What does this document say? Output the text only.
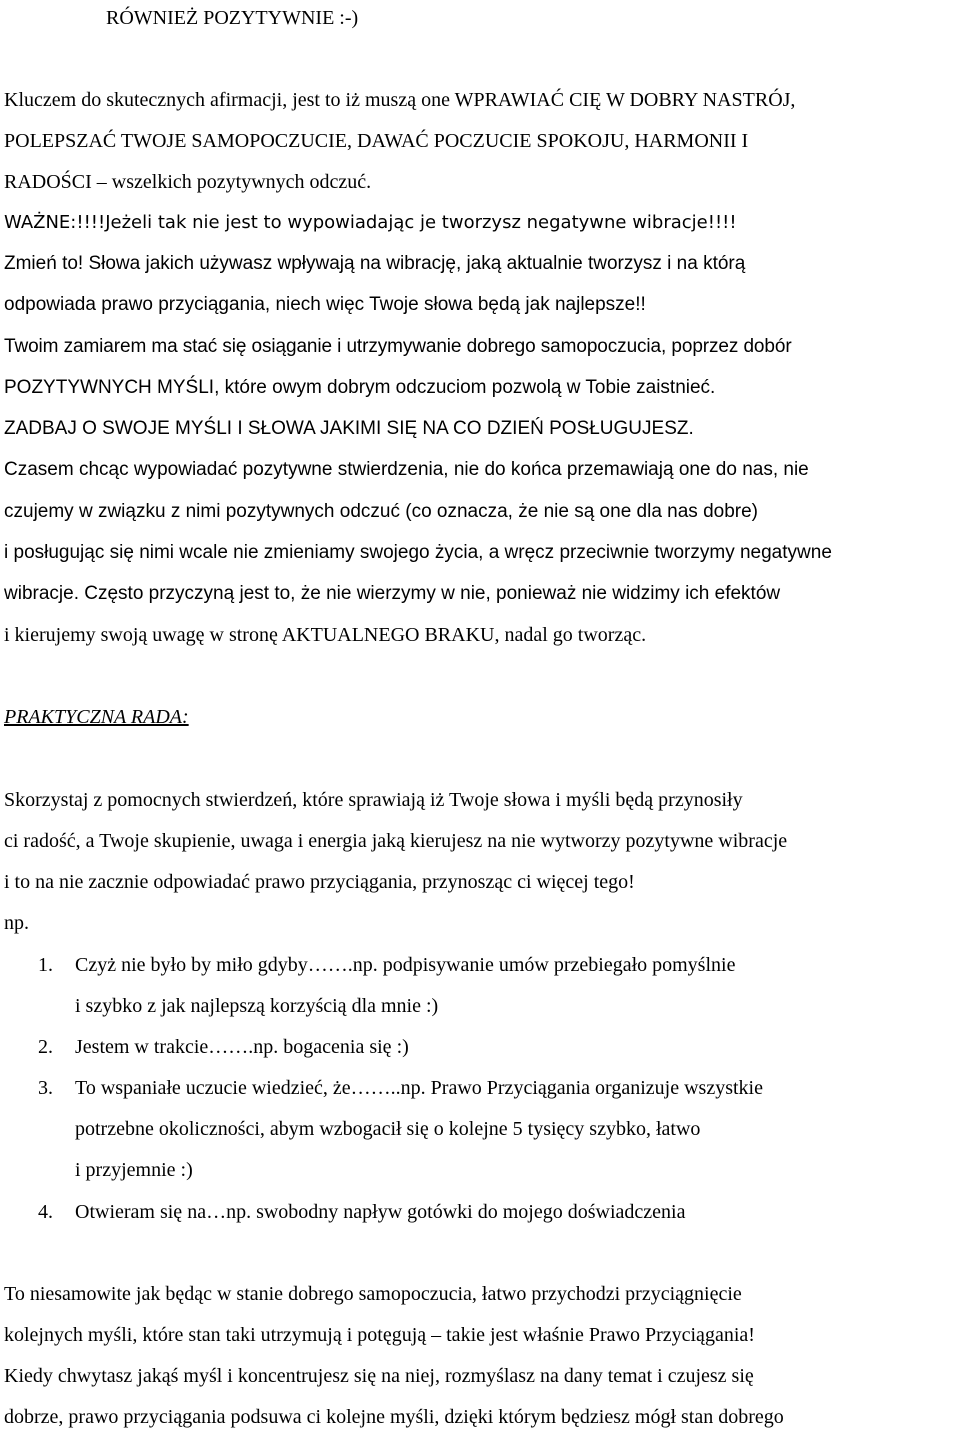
RÓWNIEŻ POZYTYWNIE :-)
Kluczem do skutecznych afirmacji, jest to iż muszą one WPRAWIAĆ CIĘ W DOBRY NASTRÓJ,
POLEPSZAĆ TWOJE SAMOPOCZUCIE, DAWAĆ POCZUCIE SPOKOJU, HARMONII I
RADOŚCI – wszelkich pozytywnych odczuć.
WAŻNE:!!!!Jeżeli tak nie jest to wypowiadając je tworzysz negatywne wibracje!!!!
Zmień to! Słowa jakich używasz wpływają na wibrację, jaką aktualnie tworzysz i na którą
odpowiada prawo przyciągania, niech więc Twoje słowa będą jak najlepsze!!
Twoim zamiarem ma stać się osiąganie i utrzymywanie dobrego samopoczucia, poprzez dobór
POZYTYWNYCH MYŚLI, które owym dobrym odczuciom pozwolą w Tobie zaistnieć.
ZADBAJ O SWOJE MYŚLI I SŁOWA JAKIMI SIĘ NA CO DZIEŃ POSŁUGUJESZ.
Czasem chcąc wypowiadać pozytywne stwierdzenia, nie do końca przemawiają one do nas, nie
czujemy w związku z nimi pozytywnych odczuć (co oznacza, że nie są one dla nas dobre)
i posługując się nimi wcale nie zmieniamy swojego życia, a wręcz przeciwnie tworzymy negatywne
wibracje. Często przyczyną jest to, że nie wierzymy w nie, ponieważ nie widzimy ich efektów
i kierujemy swoją uwagę w stronę AKTUALNEGO BRAKU, nadal go tworząc.
PRAKTYCZNA RADA:
Skorzystaj z pomocnych stwierdzeń, które sprawiają iż Twoje słowa i myśli będą przynosiły
ci radość, a Twoje skupienie, uwaga i energia jaką kierujesz na nie wytworzy pozytywne wibracje
i to na nie zacznie odpowiadać prawo przyciągania, przynosząc ci więcej tego!
np.
1. Czyż nie było by miło gdyby…….np. podpisywanie umów przebiegało pomyślnie
i szybko z jak najlepszą korzyścią dla mnie :)
2. Jestem w trakcie…….np. bogacenia się :)
3. To wspaniałe uczucie wiedzieć, że……..np. Prawo Przyciągania organizuje wszystkie
potrzebne okoliczności, abym wzbogacił się o kolejne 5 tysięcy szybko, łatwo
i przyjemnie :)
4. Otwieram się na…np. swobodny napływ gotówki do mojego doświadczenia
To niesamowite jak będąc w stanie dobrego samopoczucia, łatwo przychodzi przyciągnięcie
kolejnych myśli, które stan taki utrzymują i potęgują – takie jest właśnie Prawo Przyciągania!
Kiedy chwytasz jakąś myśl i koncentrujesz się na niej, rozmyślasz na dany temat i czujesz się
dobrze, prawo przyciągania podsuwa ci kolejne myśli, dzięki którym będziesz mógł stan dobrego
